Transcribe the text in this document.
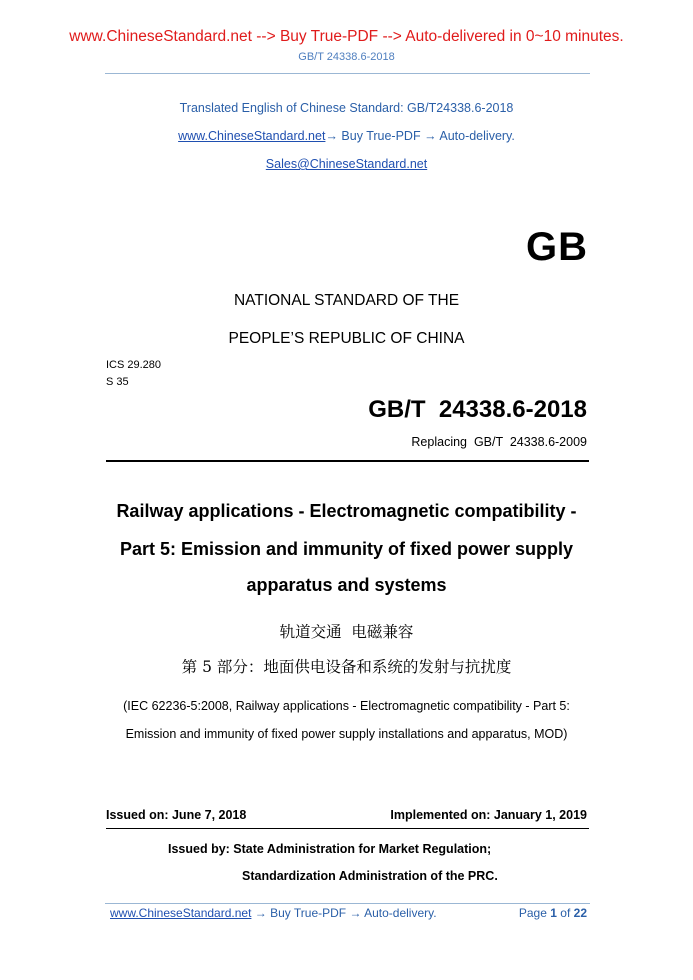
www.ChineseStandard.net --> Buy True-PDF --> Auto-delivered in 0~10 minutes.
GB/T 24338.6-2018
Translated English of Chinese Standard: GB/T24338.6-2018
www.ChineseStandard.net→ Buy True-PDF → Auto-delivery.
Sales@ChineseStandard.net
GB
NATIONAL STANDARD OF THE
PEOPLE’S REPUBLIC OF CHINA
ICS 29.280
S 35
GB/T  24338.6-2018
Replacing  GB/T  24338.6-2009
Railway applications - Electromagnetic compatibility -
Part 5: Emission and immunity of fixed power supply
apparatus and systems
轨道交通  电磁兼容
第 5 部分：地面供电设备和系统的发射与抗扰度
(IEC 62236-5:2008, Railway applications - Electromagnetic compatibility - Part 5:
Emission and immunity of fixed power supply installations and apparatus, MOD)
Issued on: June 7, 2018	Implemented on: January 1, 2019
Issued by: State Administration for Market Regulation;
Standardization Administration of the PRC.
www.ChineseStandard.net → Buy True-PDF → Auto-delivery.	Page 1 of 22
